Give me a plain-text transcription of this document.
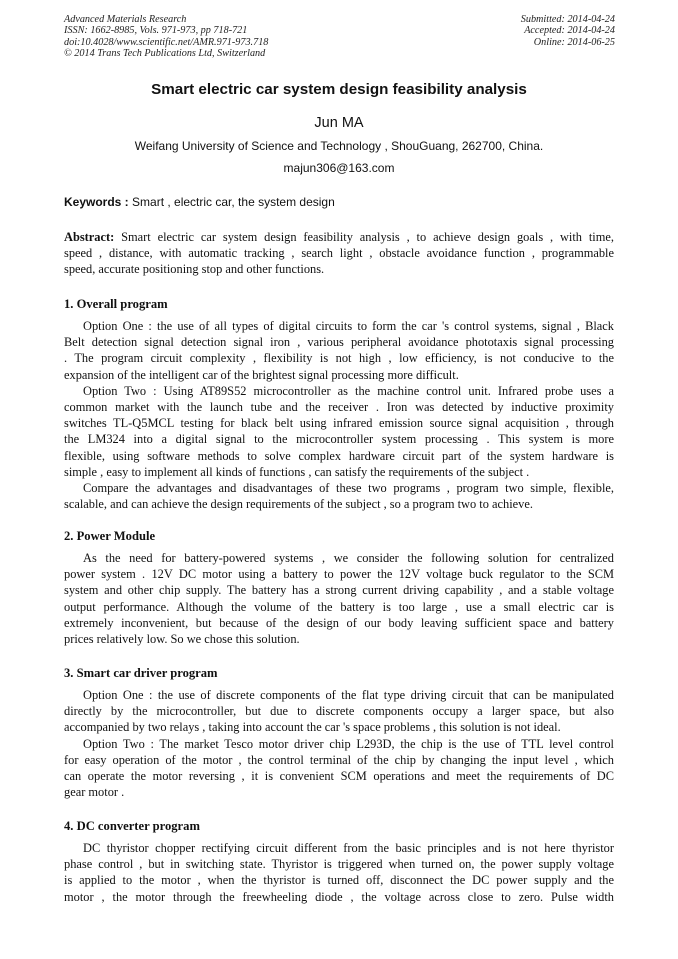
Advanced Materials Research
ISSN: 1662-8985, Vols. 971-973, pp 718-721
doi:10.4028/www.scientific.net/AMR.971-973.718
© 2014 Trans Tech Publications Ltd, Switzerland
Submitted: 2014-04-24
Accepted: 2014-04-24
Online: 2014-06-25
Smart electric car system design feasibility analysis
Jun MA
Weifang University of Science and Technology , ShouGuang, 262700, China.
majun306@163.com
Keywords : Smart , electric car, the system design
Abstract: Smart electric car system design feasibility analysis , to achieve design goals , with time,
speed , distance, with automatic tracking , search light , obstacle avoidance function , programmable
speed, accurate positioning stop and other functions.
1. Overall program
Option One : the use of all types of digital circuits to form the car 's control systems, signal , Black
Belt detection signal detection signal iron , various peripheral avoidance phototaxis signal processing
. The program circuit complexity , flexibility is not high , low efficiency, is not conducive to the
expansion of the intelligent car of the brightest signal processing more difficult.
Option Two : Using AT89S52 microcontroller as the machine control unit. Infrared probe uses a
common market with the launch tube and the receiver . Iron was detected by inductive proximity
switches TL-Q5MCL testing for black belt using infrared emission source signal acquisition , through
the LM324 into a digital signal to the microcontroller system processing . This system is more
flexible, using software methods to solve complex hardware circuit part of the system hardware is
simple , easy to implement all kinds of functions , can satisfy the requirements of the subject .
Compare the advantages and disadvantages of these two programs , program two simple, flexible,
scalable, and can achieve the design requirements of the subject , so a program two to achieve.
2. Power Module
As the need for battery-powered systems , we consider the following solution for centralized
power system . 12V DC motor using a battery to power the 12V voltage buck regulator to the SCM
system and other chip supply. The battery has a strong current driving capability , and a stable voltage
output performance. Although the volume of the battery is too large , use a small electric car is
extremely inconvenient, but because of the design of our body leaving sufficient space and battery
prices relatively low. So we chose this solution.
3. Smart car driver program
Option One : the use of discrete components of the flat type driving circuit that can be manipulated
directly by the microcontroller, but due to discrete components occupy a larger space, but also
accompanied by two relays , taking into account the car 's space problems , this solution is not ideal.
Option Two : The market Tesco motor driver chip L293D, the chip is the use of TTL level control
for easy operation of the motor , the control terminal of the chip by changing the input level , which
can operate the motor reversing , it is convenient SCM operations and meet the requirements of DC
gear motor .
4. DC converter program
DC thyristor chopper rectifying circuit different from the basic principles and is not here thyristor
phase control , but in switching state. Thyristor is triggered when turned on, the power supply voltage
is applied to the motor , when the thyristor is turned off, disconnect the DC power supply and the
motor , the motor through the freewheeling diode , the voltage across close to zero. Pulse width
